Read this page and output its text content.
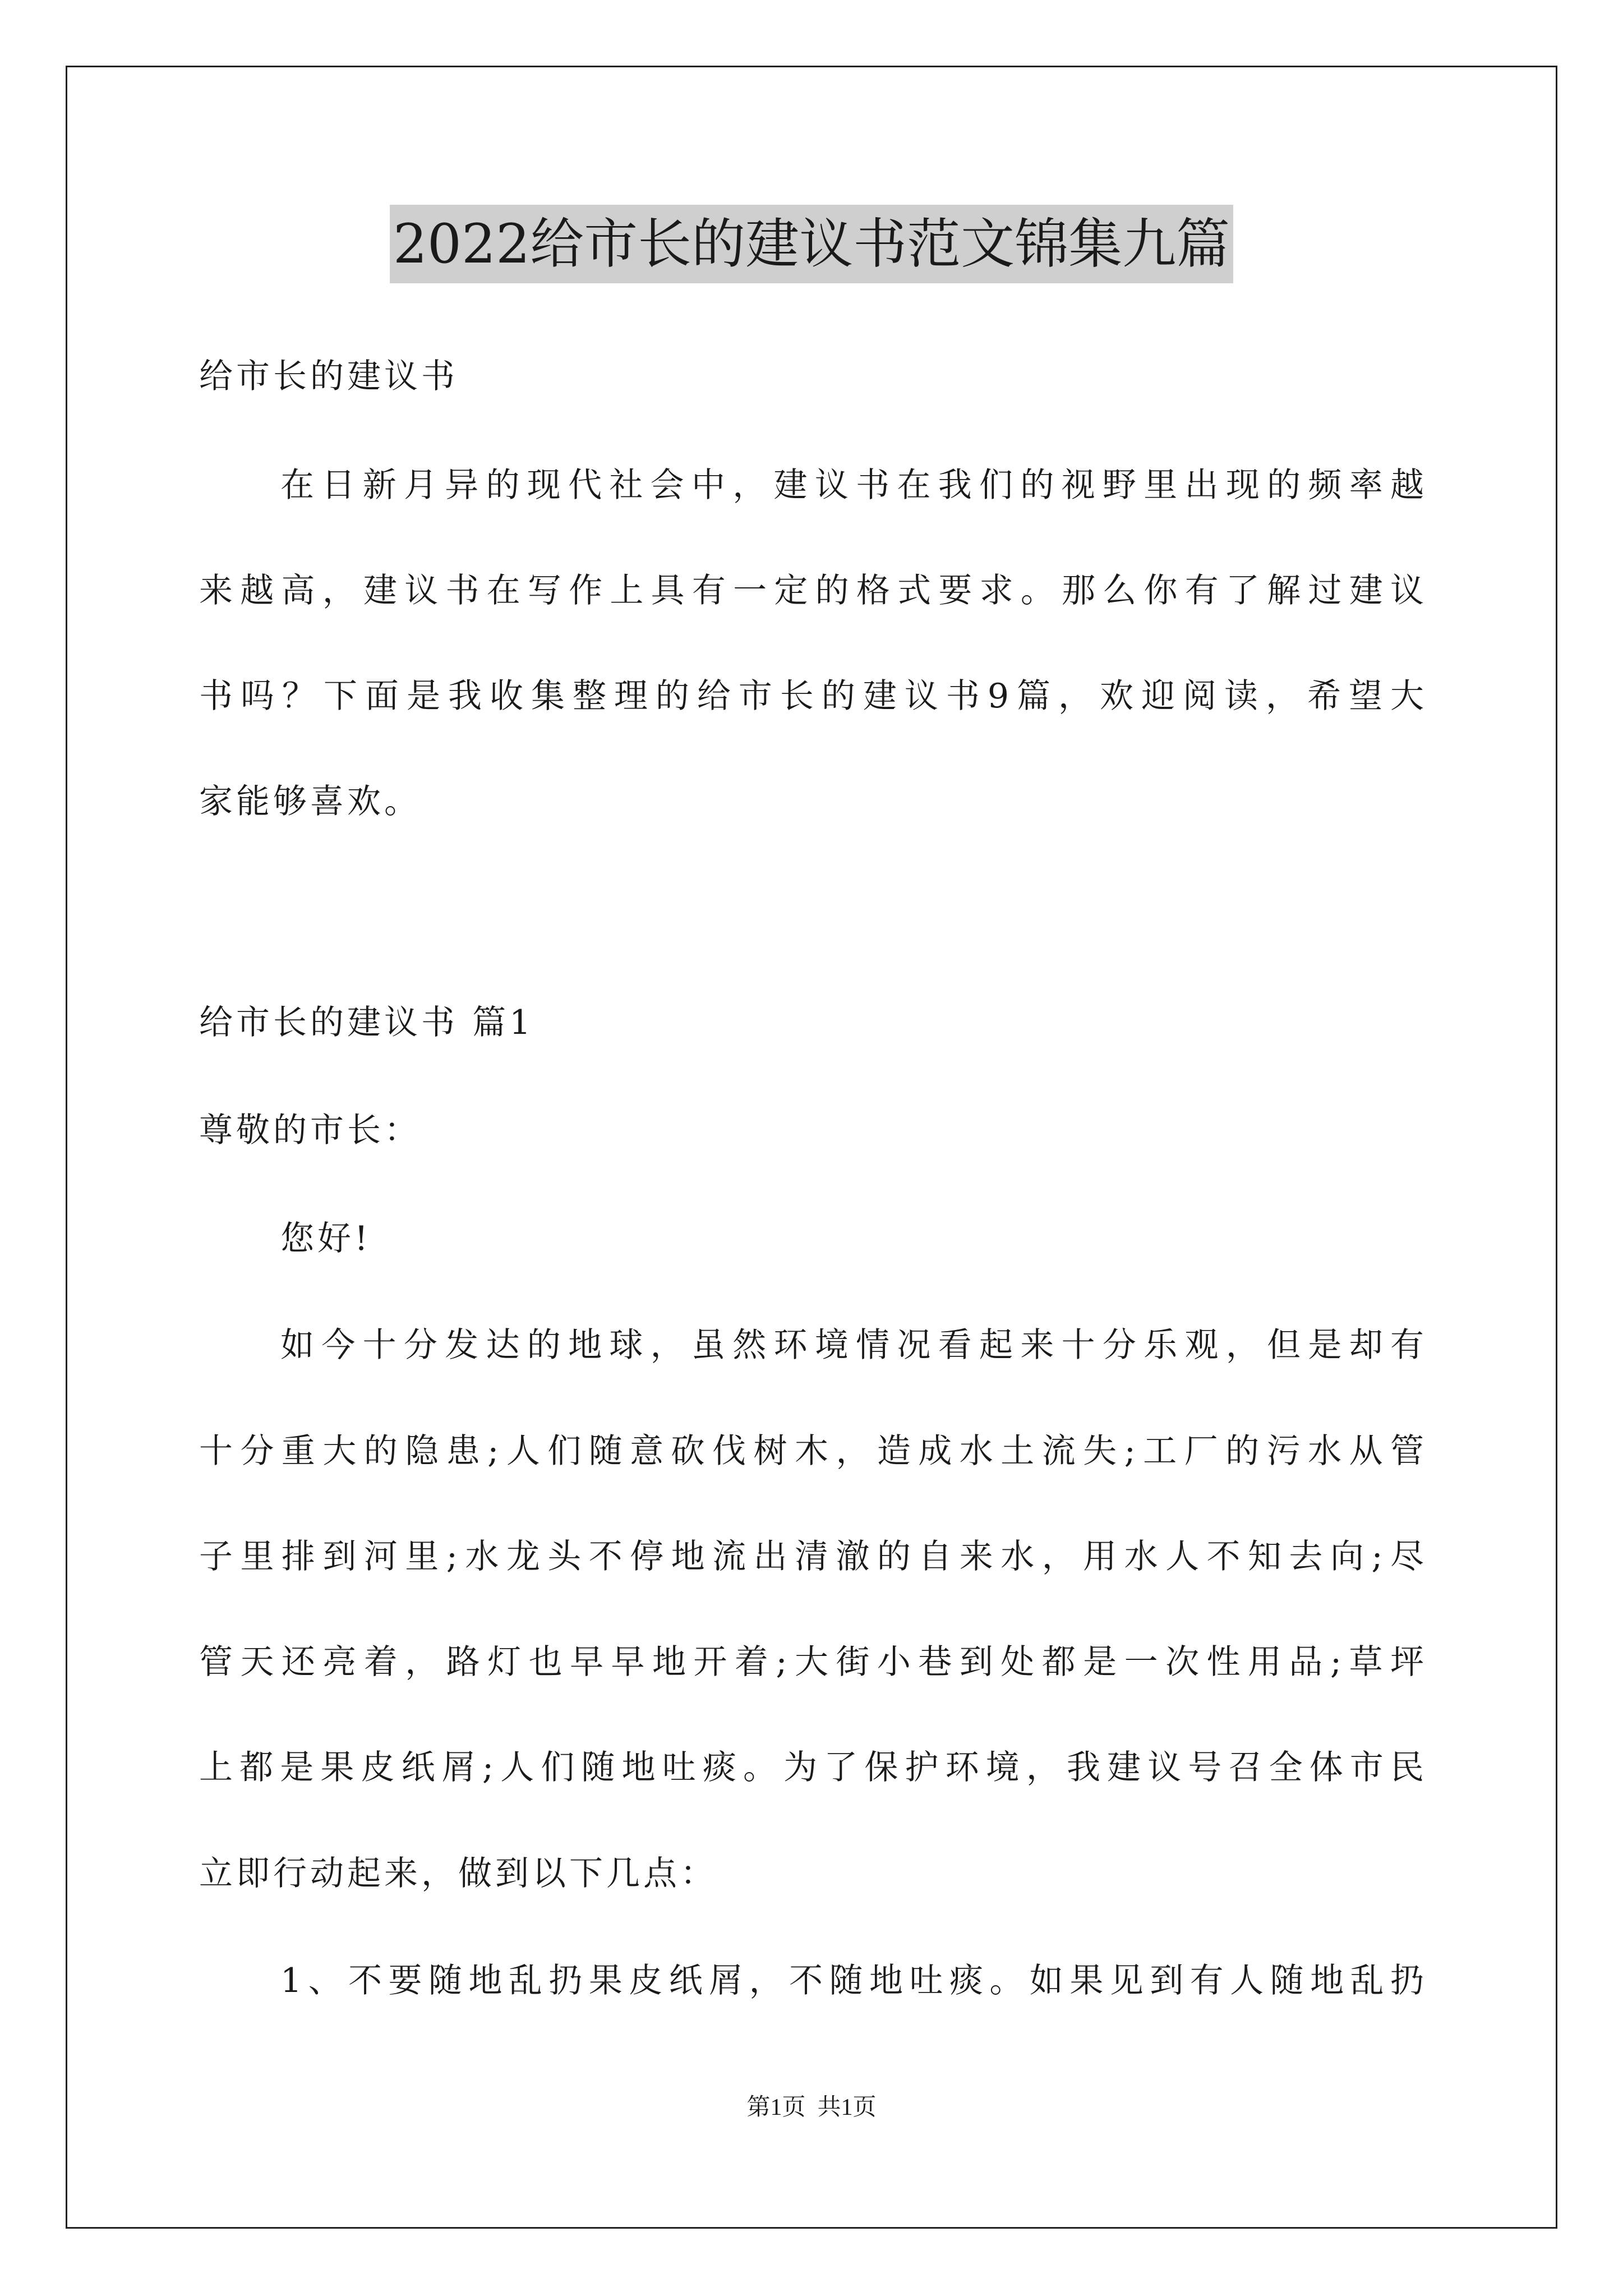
2022给市长的建议书范文锦集九篇
给市长的建议书
在日新月异的现代社会中，建议书在我们的视野里出现的频率越
来越高，建议书在写作上具有一定的格式要求。那么你有了解过建议
书吗？下面是我收集整理的给市长的建议书9篇，欢迎阅读，希望大
家能够喜欢。
给市长的建议书 篇1
尊敬的市长：
您好!
如今十分发达的地球，虽然环境情况看起来十分乐观，但是却有
十分重大的隐患;人们随意砍伐树木，造成水土流失;工厂的污水从管
子里排到河里;水龙头不停地流出清澈的自来水，用水人不知去向;尽
管天还亮着，路灯也早早地开着;大街小巷到处都是一次性用品;草坪
上都是果皮纸屑;人们随地吐痰。为了保护环境，我建议号召全体市民
立即行动起来，做到以下几点：
1、不要随地乱扔果皮纸屑，不随地吐痰。如果见到有人随地乱扔
第1页  共1页
